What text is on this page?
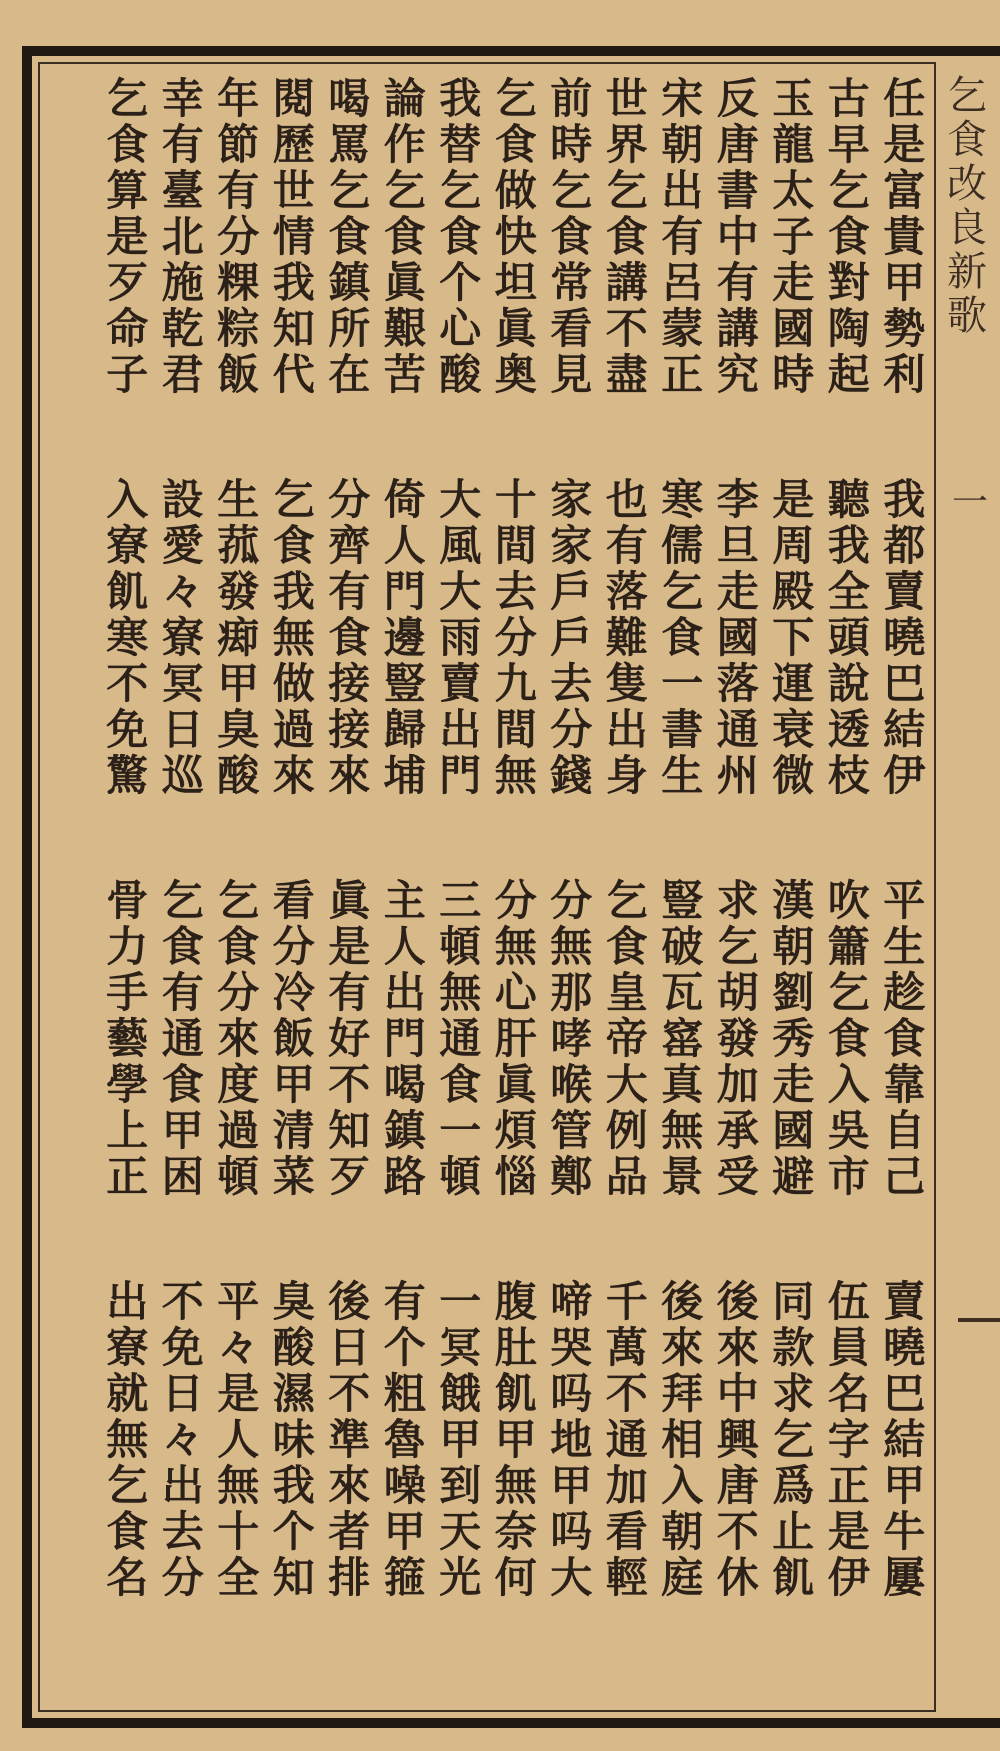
乞
食
改
良
新
歌
一
任
是
富
貴
甲
勢
利
我
都
賣
曉
巴
結
伊
平
生
趁
食
靠
自
己
賣
曉
巴
結
甲
牛
屢
古
早
乞
食
對
陶
起
聽
我
全
頭
說
透
枝
吹
簫
乞
食
入
吳
市
伍
員
名
字
正
是
伊
玉
龍
太
子
走
國
時
是
周
殿
下
運
衰
微
漢
朝
劉
秀
走
國
避
同
款
求
乞
爲
止
飢
反
唐
書
中
有
講
究
李
旦
走
國
落
通
州
求
乞
胡
發
加
承
受
後
來
中
興
唐
不
休
宋
朝
出
有
呂
蒙
正
寒
儒
乞
食
一
書
生
豎
破
瓦
窰
真
無
景
後
來
拜
相
入
朝
庭
世
界
乞
食
講
不
盡
也
有
落
難
隻
出
身
乞
食
皇
帝
大
例
品
千
萬
不
通
加
看
輕
前
時
乞
食
常
看
見
家
家
戶
戶
去
分
錢
分
無
那
哮
喉
管
鄭
啼
哭
吗
地
甲
吗
大
乞
食
做
快
坦
眞
奥
十
間
去
分
九
間
無
分
無
心
肝
眞
煩
惱
腹
肚
飢
甲
無
奈
何
我
替
乞
食
个
心
酸
大
風
大
雨
賣
出
門
三
頓
無
通
食
一
頓
一
冥
餓
甲
到
天
光
論
作
乞
食
眞
艱
苦
倚
人
門
邊
豎
歸
埔
主
人
出
門
喝
鎮
路
有
个
粗
魯
噪
甲
箍
喝
罵
乞
食
鎮
所
在
分
齊
有
食
接
接
來
眞
是
有
好
不
知
歹
後
日
不
準
來
者
排
閱
歷
世
情
我
知
代
乞
食
我
無
做
過
來
看
分
冷
飯
甲
清
菜
臭
酸
濕
味
我
个
知
年
節
有
分
粿
粽
飯
生
菰
發
㾡
甲
臭
酸
乞
食
分
來
度
過
頓
平
々
是
人
無
十
全
幸
有
臺
北
施
乾
君
設
愛
々
寮
冥
日
巡
乞
食
有
通
食
甲
困
不
免
日
々
出
去
分
乞
食
算
是
歹
命
子
入
寮
飢
寒
不
免
驚
骨
力
手
藝
學
上
正
出
寮
就
無
乞
食
名
